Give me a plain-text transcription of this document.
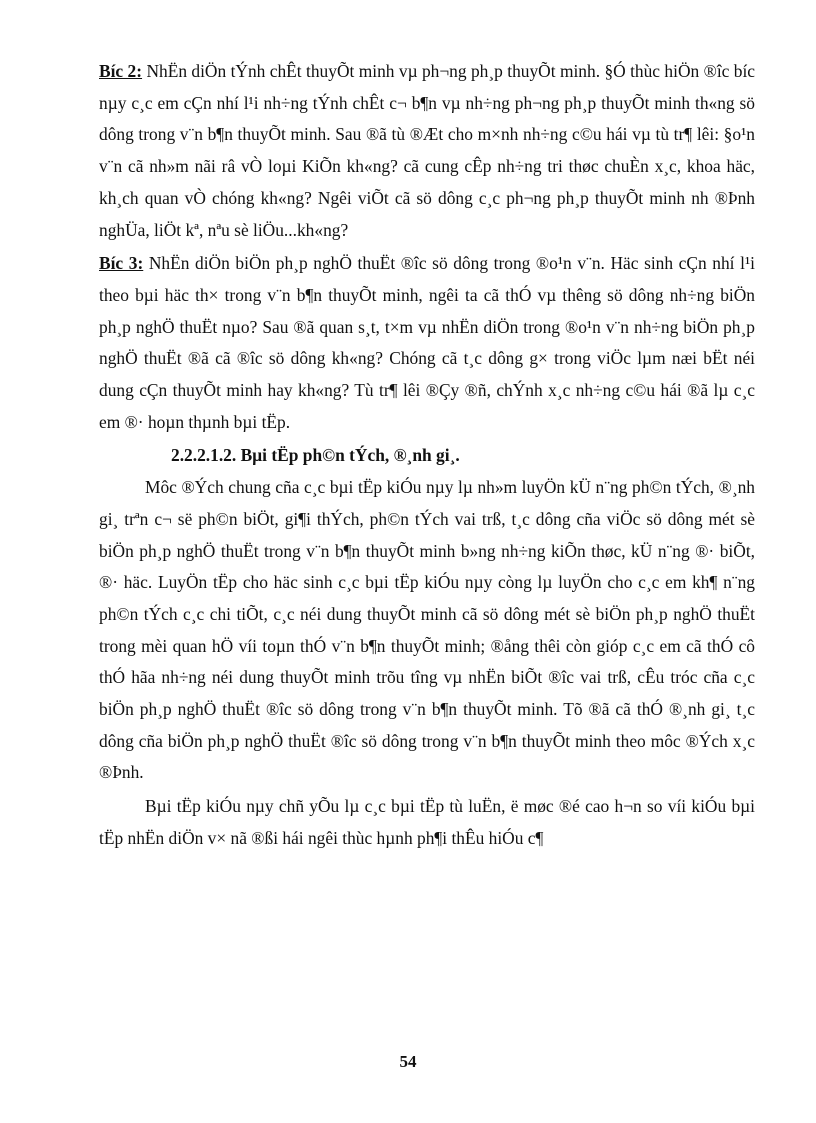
Bíc 2: NhËn diÖn tÝnh chÊt thuyÕt minh vµ ph¬ng ph¸p thuyÕt minh. §Ó thùc hiÖn ®îc bíc nµy c¸c em cÇn nhí l¹i nh÷ng tÝnh chÊt c¬ b¶n vµ nh÷ng ph¬ng ph¸p thuyÕt minh th«ng sö dông trong v¨n b¶n thuyÕt minh. Sau ®ã tù ®Æt cho m×nh nh÷ng c©u hái vµ tù tr¶ lêi: §o¹n v¨n cã nh»m nãi râ vÒ loµi KiÕn kh«ng? cã cung cÊp nh÷ng tri thøc chuÈn x¸c, khoa häc, kh¸ch quan vÒ chóng kh«ng? Ngêi viÕt cã sö dông c¸c ph¬ng ph¸p thuyÕt minh nh ®Þnh nghÜa, liÖt kª, nªu sè liÖu...kh«ng?

Bíc 3: NhËn diÖn biÖn ph¸p nghÖ thuËt ®îc sö dông trong ®o¹n v¨n. Häc sinh cÇn nhí l¹i theo bµi häc th× trong v¨n b¶n thuyÕt minh, ngêi ta cã thÓ vµ thêng sö dông nh÷ng biÖn ph¸p nghÖ thuËt nµo? Sau ®ã quan s¸t, t×m vµ nhËn diÖn trong ®o¹n v¨n nh÷ng biÖn ph¸p nghÖ thuËt ®ã cã ®îc sö dông kh«ng? Chóng cã t¸c dông g× trong viÖc lµm næi bËt néi dung cÇn thuyÕt minh hay kh«ng? Tù tr¶ lêi ®Çy ®ñ, chÝnh x¸c nh÷ng c©u hái ®ã lµ c¸c em ®· hoµn thµnh bµi tËp.

2.2.2.1.2. Bµi tËp ph©n tÝch, ®¸nh gi¸.

Môc ®Ých chung cña c¸c bµi tËp kiÓu nµy lµ nh»m luyÖn kÜ n¨ng ph©n tÝch, ®¸nh gi¸ trªn c¬ së ph©n biÖt, gi¶i thÝch, ph©n tÝch vai trß, t¸c dông cña viÖc sö dông mét sè biÖn ph¸p nghÖ thuËt trong v¨n b¶n thuyÕt minh b»ng nh÷ng kiÕn thøc, kÜ n¨ng ®· biÕt, ®· häc. LuyÖn tËp cho häc sinh c¸c bµi tËp kiÓu nµy còng lµ luyÖn cho c¸c em kh¶ n¨ng ph©n tÝch c¸c chi tiÕt, c¸c néi dung thuyÕt minh cã sö dông mét sè biÖn ph¸p nghÖ thuËt trong mèi quan hÖ víi toµn thÓ v¨n b¶n thuyÕt minh; ®ång thêi còn gióp c¸c em cã thÓ cô thÓ hãa nh÷ng néi dung thuyÕt minh trõu tîng vµ nhËn biÕt ®îc vai trß, cÊu tróc cña c¸c biÖn ph¸p nghÖ thuËt ®îc sö dông trong v¨n b¶n thuyÕt minh. Tõ ®ã cã thÓ ®¸nh gi¸ t¸c dông cña biÖn ph¸p nghÖ thuËt ®îc sö dông trong v¨n b¶n thuyÕt minh theo môc ®Ých x¸c ®Þnh.

Bµi tËp kiÓu nµy chñ yÕu lµ c¸c bµi tËp tù luËn, ë møc ®é cao h¬n so víi kiÓu bµi tËp nhËn diÖn v× nã ®ßi hái ngêi thùc hµnh ph¶i thÊu hiÓu c¶

54
